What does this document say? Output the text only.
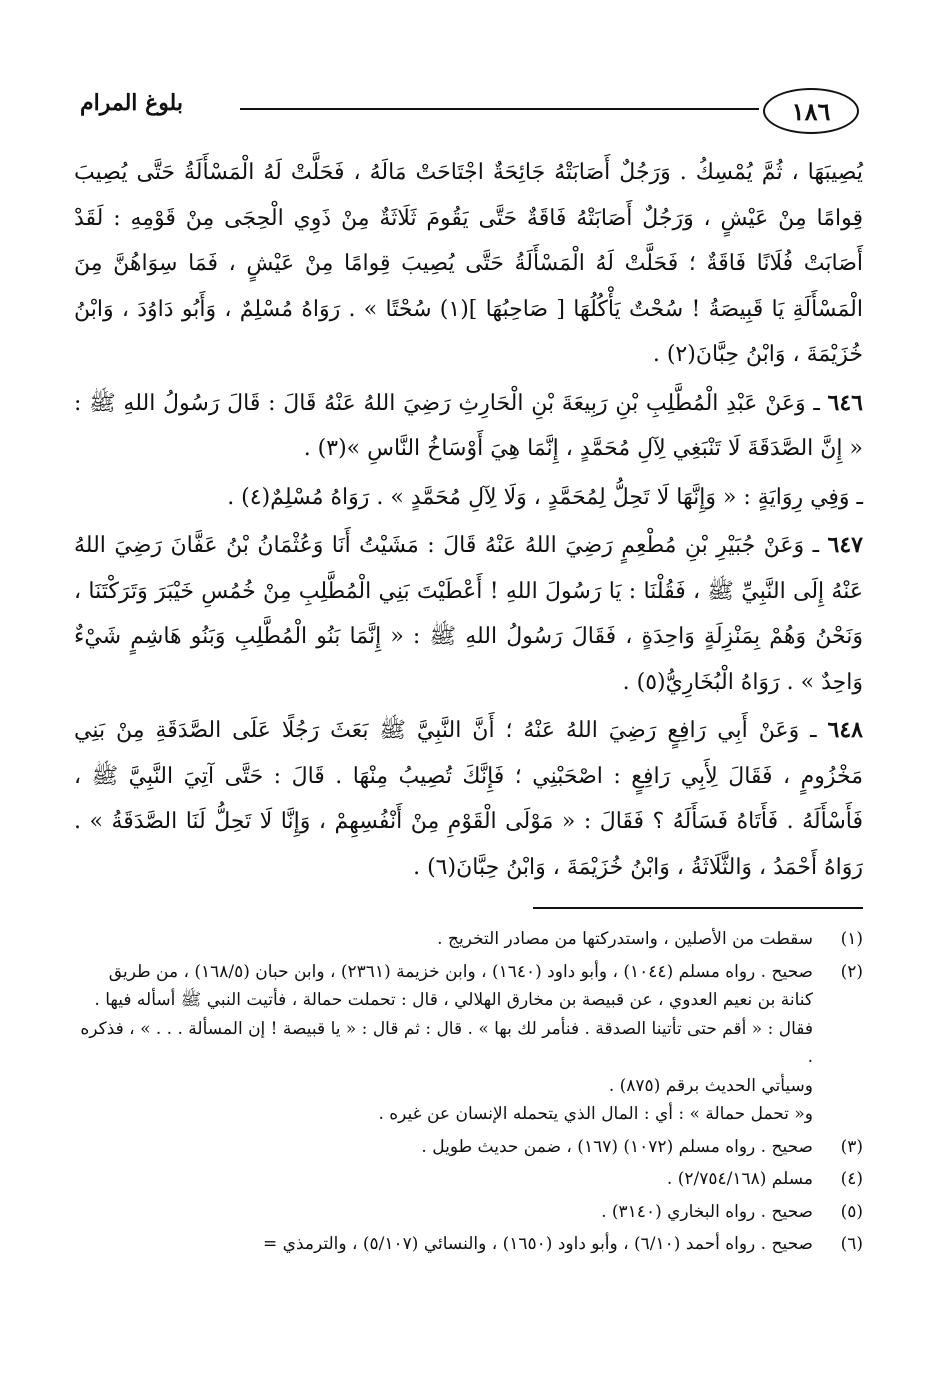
١٨٦
بلوغ المرام

يُصِيبَهَا ، ثُمَّ يُمْسِكُ . وَرَجُلٌ أَصَابَتْهُ جَائِحَةٌ اجْتَاحَتْ مَالَهُ ، فَحَلَّتْ لَهُ الْمَسْأَلَةُ حَتَّى يُصِيبَ قِوامًا مِنْ عَيْشٍ ، وَرَجُلٌ أَصَابَتْهُ فَاقَةٌ حَتَّى يَقُومَ ثَلَاثَةٌ مِنْ ذَوِي الْحِجَى مِنْ قَوْمِهِ : لَقَدْ أَصَابَتْ فُلَانًا فَاقَةٌ ؛ فَحَلَّتْ لَهُ الْمَسْأَلَةُ حَتَّى يُصِيبَ قِوامًا مِنْ عَيْشٍ ، فَمَا سِوَاهُنَّ مِنَ الْمَسْأَلَةِ يَا قَبِيصَةُ ! سُحْتٌ يَأْكُلُهَا [ صَاحِبُهَا ](١) سُحْتًا » . رَوَاهُ مُسْلِمٌ ، وَأَبُو دَاوُدَ ، وَابْنُ خُزَيْمَةَ ، وَابْنُ حِبَّانَ(٢) .

٦٤٦ ـ وَعَنْ عَبْدِ الْمُطَّلِبِ بْنِ رَبِيعَةَ بْنِ الْحَارِثِ رَضِيَ اللهُ عَنْهُ قَالَ : قَالَ رَسُولُ اللهِ ﷺ : « إِنَّ الصَّدَقَةَ لَا تَنْبَغِي لِآلِ مُحَمَّدٍ ، إِنَّمَا هِيَ أَوْسَاخُ النَّاسِ »(٣) .

ـ وَفِي رِوَايَةٍ : « وَإِنَّهَا لَا تَحِلُّ لِمُحَمَّدٍ ، وَلَا لِآلِ مُحَمَّدٍ » . رَوَاهُ مُسْلِمٌ(٤) .

٦٤٧ ـ وَعَنْ جُبَيْرِ بْنِ مُطْعِمٍ رَضِيَ اللهُ عَنْهُ قَالَ : مَشَيْتُ أَنَا وَعُثْمَانُ بْنُ عَفَّانَ رَضِيَ اللهُ عَنْهُ إِلَى النَّبِيِّ ﷺ ، فَقُلْنَا : يَا رَسُولَ اللهِ ! أَعْطَيْتَ بَنِي الْمُطَّلِبِ مِنْ خُمُسِ خَيْبَرَ وَتَرَكْتَنَا ، وَنَحْنُ وَهُمْ بِمَنْزِلَةٍ وَاحِدَةٍ ، فَقَالَ رَسُولُ اللهِ ﷺ : « إِنَّمَا بَنُو الْمُطَّلِبِ وَبَنُو هَاشِمٍ شَيْءٌ وَاحِدٌ » . رَوَاهُ الْبُخَارِيُّ(٥) .

٦٤٨ ـ وَعَنْ أَبِي رَافِعٍ رَضِيَ اللهُ عَنْهُ ؛ أَنَّ النَّبِيَّ ﷺ بَعَثَ رَجُلًا عَلَى الصَّدَقَةِ مِنْ بَنِي مَخْزُومٍ ، فَقَالَ لِأَبِي رَافِعٍ : اصْحَبْنِي ؛ فَإِنَّكَ تُصِيبُ مِنْهَا . قَالَ : حَتَّى آتِيَ النَّبِيَّ ﷺ ، فَأَسْأَلَهُ . فَأَتَاهُ فَسَأَلَهُ ؟ فَقَالَ : « مَوْلَى الْقَوْمِ مِنْ أَنْفُسِهِمْ ، وَإِنَّا لَا تَحِلُّ لَنَا الصَّدَقَةُ » . رَوَاهُ أَحْمَدُ ، وَالثَّلَاثَةُ ، وَابْنُ خُزَيْمَةَ ، وَابْنُ حِبَّانَ(٦) .

(١)
سقطت من الأصلين ، واستدركتها من مصادر التخريج .
(٢)
صحيح . رواه مسلم (١٠٤٤) ، وأبو داود (١٦٤٠) ، وابن خزيمة (٢٣٦١) ، وابن حبان (١٦٨/٥) ، من طريق كنانة بن نعيم العدوي ، عن قبيصة بن مخارق الهلالي ، قال : تحملت حمالة ، فأتيت النبي ﷺ أسأله فيها . فقال : « أقم حتى تأتينا الصدقة . فنأمر لك بها » . قال : ثم قال : « يا قبيصة ! إن المسألة . . . » ، فذكره .
وسيأتي الحديث برقم (٨٧٥) .
و« تحمل حمالة » : أي : المال الذي يتحمله الإنسان عن غيره .
(٣)
صحيح . رواه مسلم (١٠٧٢) (١٦٧) ، ضمن حديث طويل .
(٤)
مسلم (٢/٧٥٤/١٦٨) .
(٥)
صحيح . رواه البخاري (٣١٤٠) .
(٦)
صحيح . رواه أحمد (٦/١٠) ، وأبو داود (١٦٥٠) ، والنسائي (٥/١٠٧) ، والترمذي =
